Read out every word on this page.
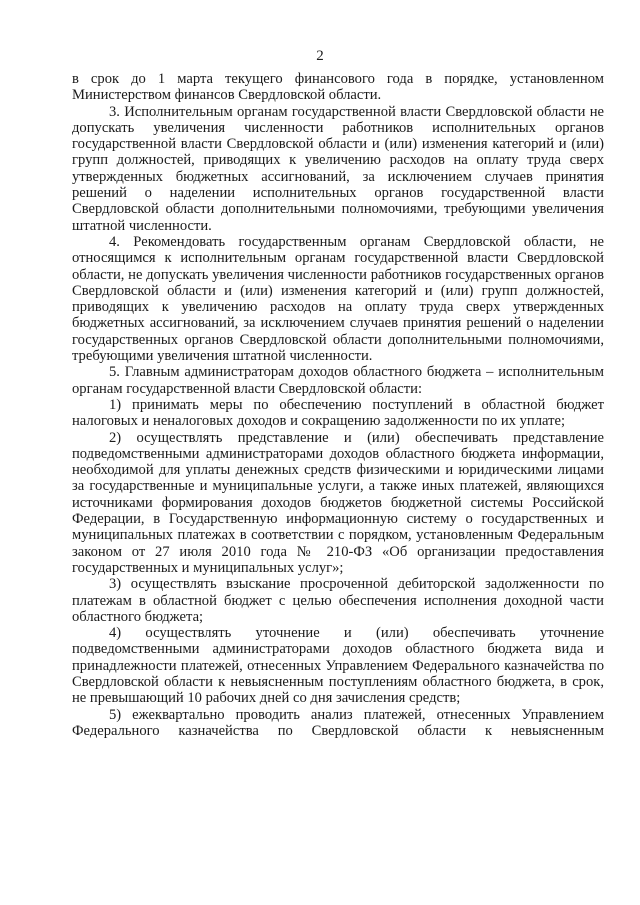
2

в срок до 1 марта текущего финансового года в порядке, установленном Министерством финансов Свердловской области.

3. Исполнительным органам государственной власти Свердловской области не допускать увеличения численности работников исполнительных органов государственной власти Свердловской области и (или) изменения категорий и (или) групп должностей, приводящих к увеличению расходов на оплату труда сверх утвержденных бюджетных ассигнований, за исключением случаев принятия решений о наделении исполнительных органов государственной власти Свердловской области дополнительными полномочиями, требующими увеличения штатной численности.

4. Рекомендовать государственным органам Свердловской области, не относящимся к исполнительным органам государственной власти Свердловской области, не допускать увеличения численности работников государственных органов Свердловской области и (или) изменения категорий и (или) групп должностей, приводящих к увеличению расходов на оплату труда сверх утвержденных бюджетных ассигнований, за исключением случаев принятия решений о наделении государственных органов Свердловской области дополнительными полномочиями, требующими увеличения штатной численности.

5. Главным администраторам доходов областного бюджета – исполнительным органам государственной власти Свердловской области:

1) принимать меры по обеспечению поступлений в областной бюджет налоговых и неналоговых доходов и сокращению задолженности по их уплате;

2) осуществлять представление и (или) обеспечивать представление подведомственными администраторами доходов областного бюджета информации, необходимой для уплаты денежных средств физическими и юридическими лицами за государственные и муниципальные услуги, а также иных платежей, являющихся источниками формирования доходов бюджетов бюджетной системы Российской Федерации, в Государственную информационную систему о государственных и муниципальных платежах в соответствии с порядком, установленным Федеральным законом от 27 июля 2010 года № 210-ФЗ «Об организации предоставления государственных и муниципальных услуг»;

3) осуществлять взыскание просроченной дебиторской задолженности по платежам в областной бюджет с целью обеспечения исполнения доходной части областного бюджета;

4) осуществлять уточнение и (или) обеспечивать уточнение подведомственными администраторами доходов областного бюджета вида и принадлежности платежей, отнесенных Управлением Федерального казначейства по Свердловской области к невыясненным поступлениям областного бюджета, в срок, не превышающий 10 рабочих дней со дня зачисления средств;

5) ежеквартально проводить анализ платежей, отнесенных Управлением Федерального казначейства по Свердловской области к невыясненным
